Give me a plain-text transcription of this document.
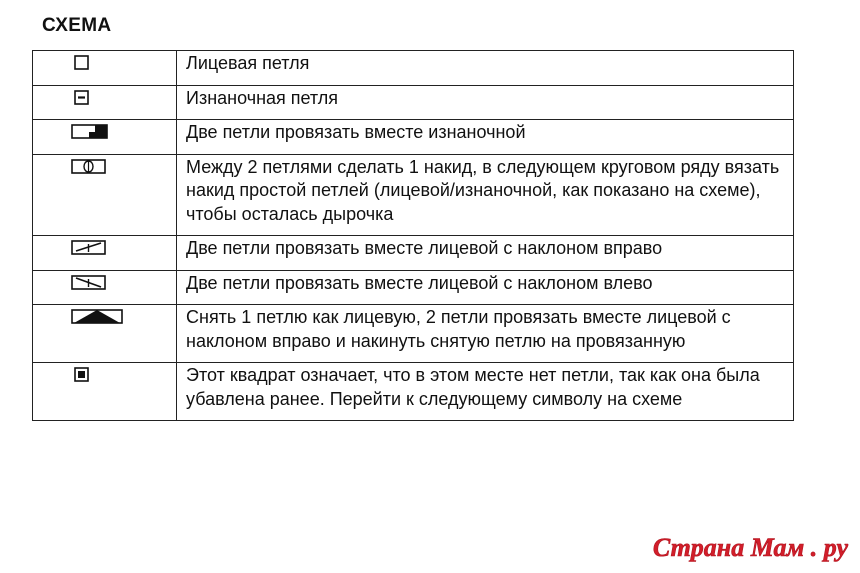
СХЕМА
	Лицевая петля

	Изнаночная петля

	Две петли провязать вместе изнаночной

	Между 2 петлями сделать 1 накид, в следующем круговом ряду вязать накид простой петлей (лицевой/изнаночной, как показано на схеме), чтобы осталась дырочка

	Две петли провязать вместе лицевой с наклоном вправо

	Две петли провязать вместе лицевой с наклоном влево

	Снять 1 петлю как лицевую, 2 петли провязать вместе лицевой с наклоном вправо и накинуть снятую петлю на провязанную

	Этот квадрат означает, что в этом месте нет петли, так как она была убавлена ранее. Перейти к следующему символу на схеме
Страна Мам . ру
